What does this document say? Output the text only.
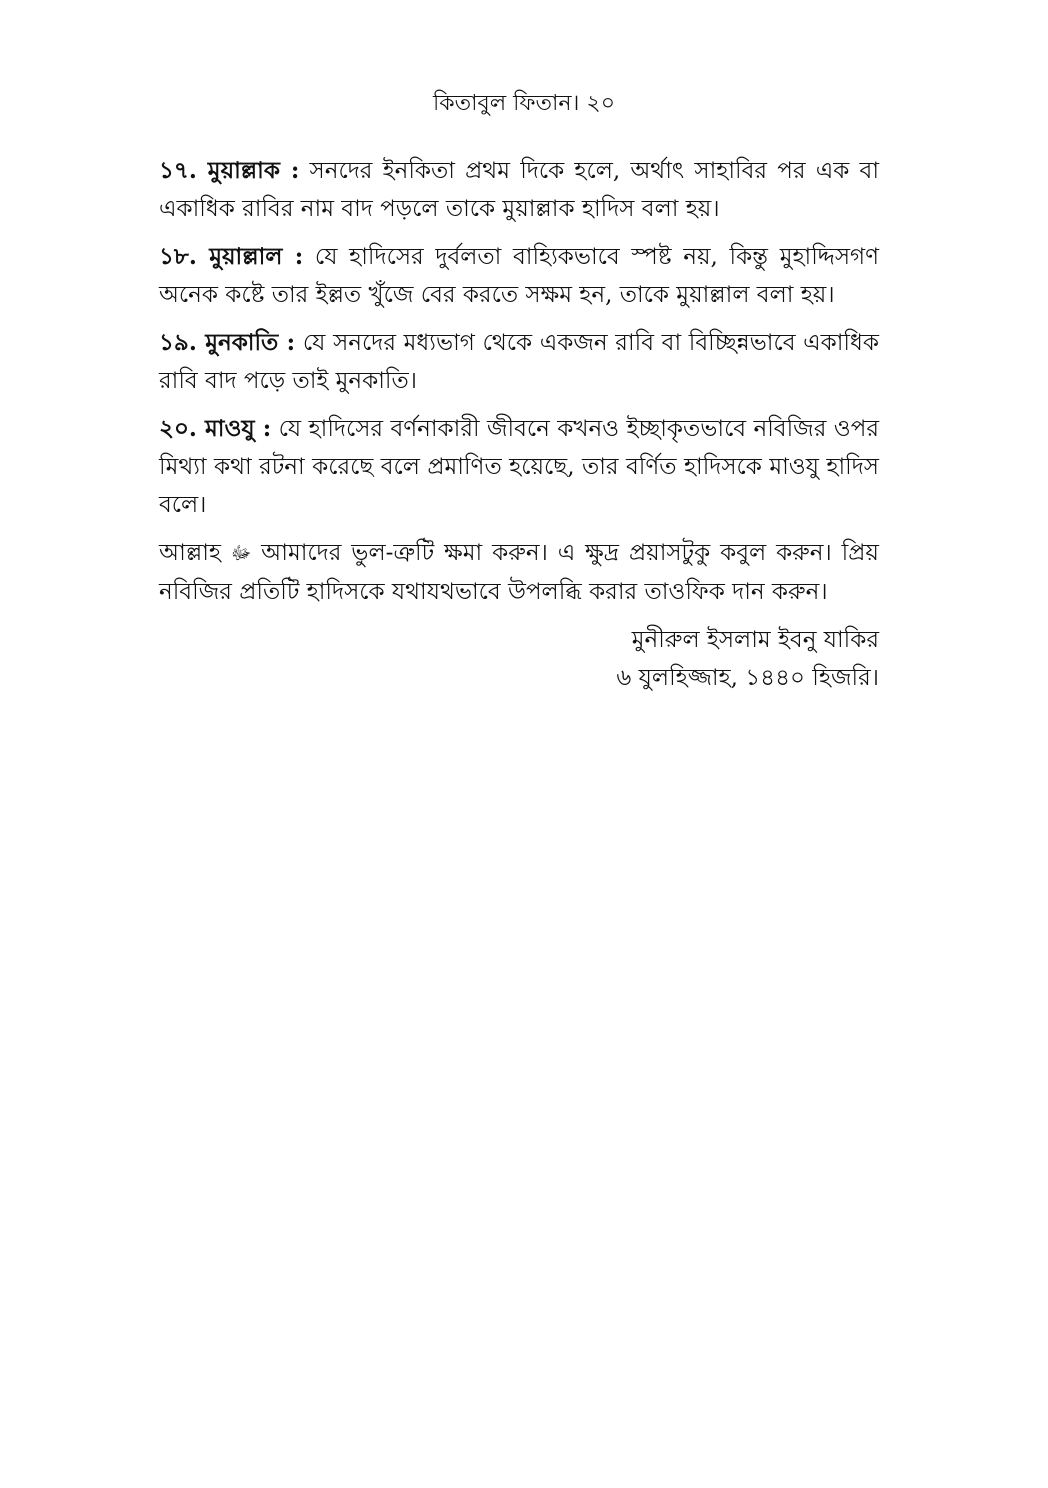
কিতাবুল ফিতান। ২০

১৭. মুয়াল্লাক : সনদের ইনকিতা প্রথম দিকে হলে, অর্থাৎ সাহাবির পর এক বা একাধিক রাবির নাম বাদ পড়লে তাকে মুয়াল্লাক হাদিস বলা হয়।

১৮. মুয়াল্লাল : যে হাদিসের দুর্বলতা বাহ্যিকভাবে স্পষ্ট নয়, কিন্তু মুহাদ্দিসগণ অনেক কষ্টে তার ইল্লত খুঁজে বের করতে সক্ষম হন, তাকে মুয়াল্লাল বলা হয়।

১৯. মুনকাতি : যে সনদের মধ্যভাগ থেকে একজন রাবি বা বিচ্ছিন্নভাবে একাধিক রাবি বাদ পড়ে তাই মুনকাতি।

২০. মাওযু : যে হাদিসের বর্ণনাকারী জীবনে কখনও ইচ্ছাকৃতভাবে নবিজির ওপর মিথ্যা কথা রটনা করেছে বলে প্রমাণিত হয়েছে, তার বর্ণিত হাদিসকে মাওযু হাদিস বলে।

আল্লাহ ﷻ আমাদের ভুল-ত্রুটি ক্ষমা করুন। এ ক্ষুদ্র প্রয়াসটুকু কবুল করুন। প্রিয় নবিজির প্রতিটি হাদিসকে যথাযথভাবে উপলব্ধি করার তাওফিক দান করুন।

মুনীরুল ইসলাম ইবনু যাকির
৬ যুলহিজ্জাহ, ১৪৪০ হিজরি।
